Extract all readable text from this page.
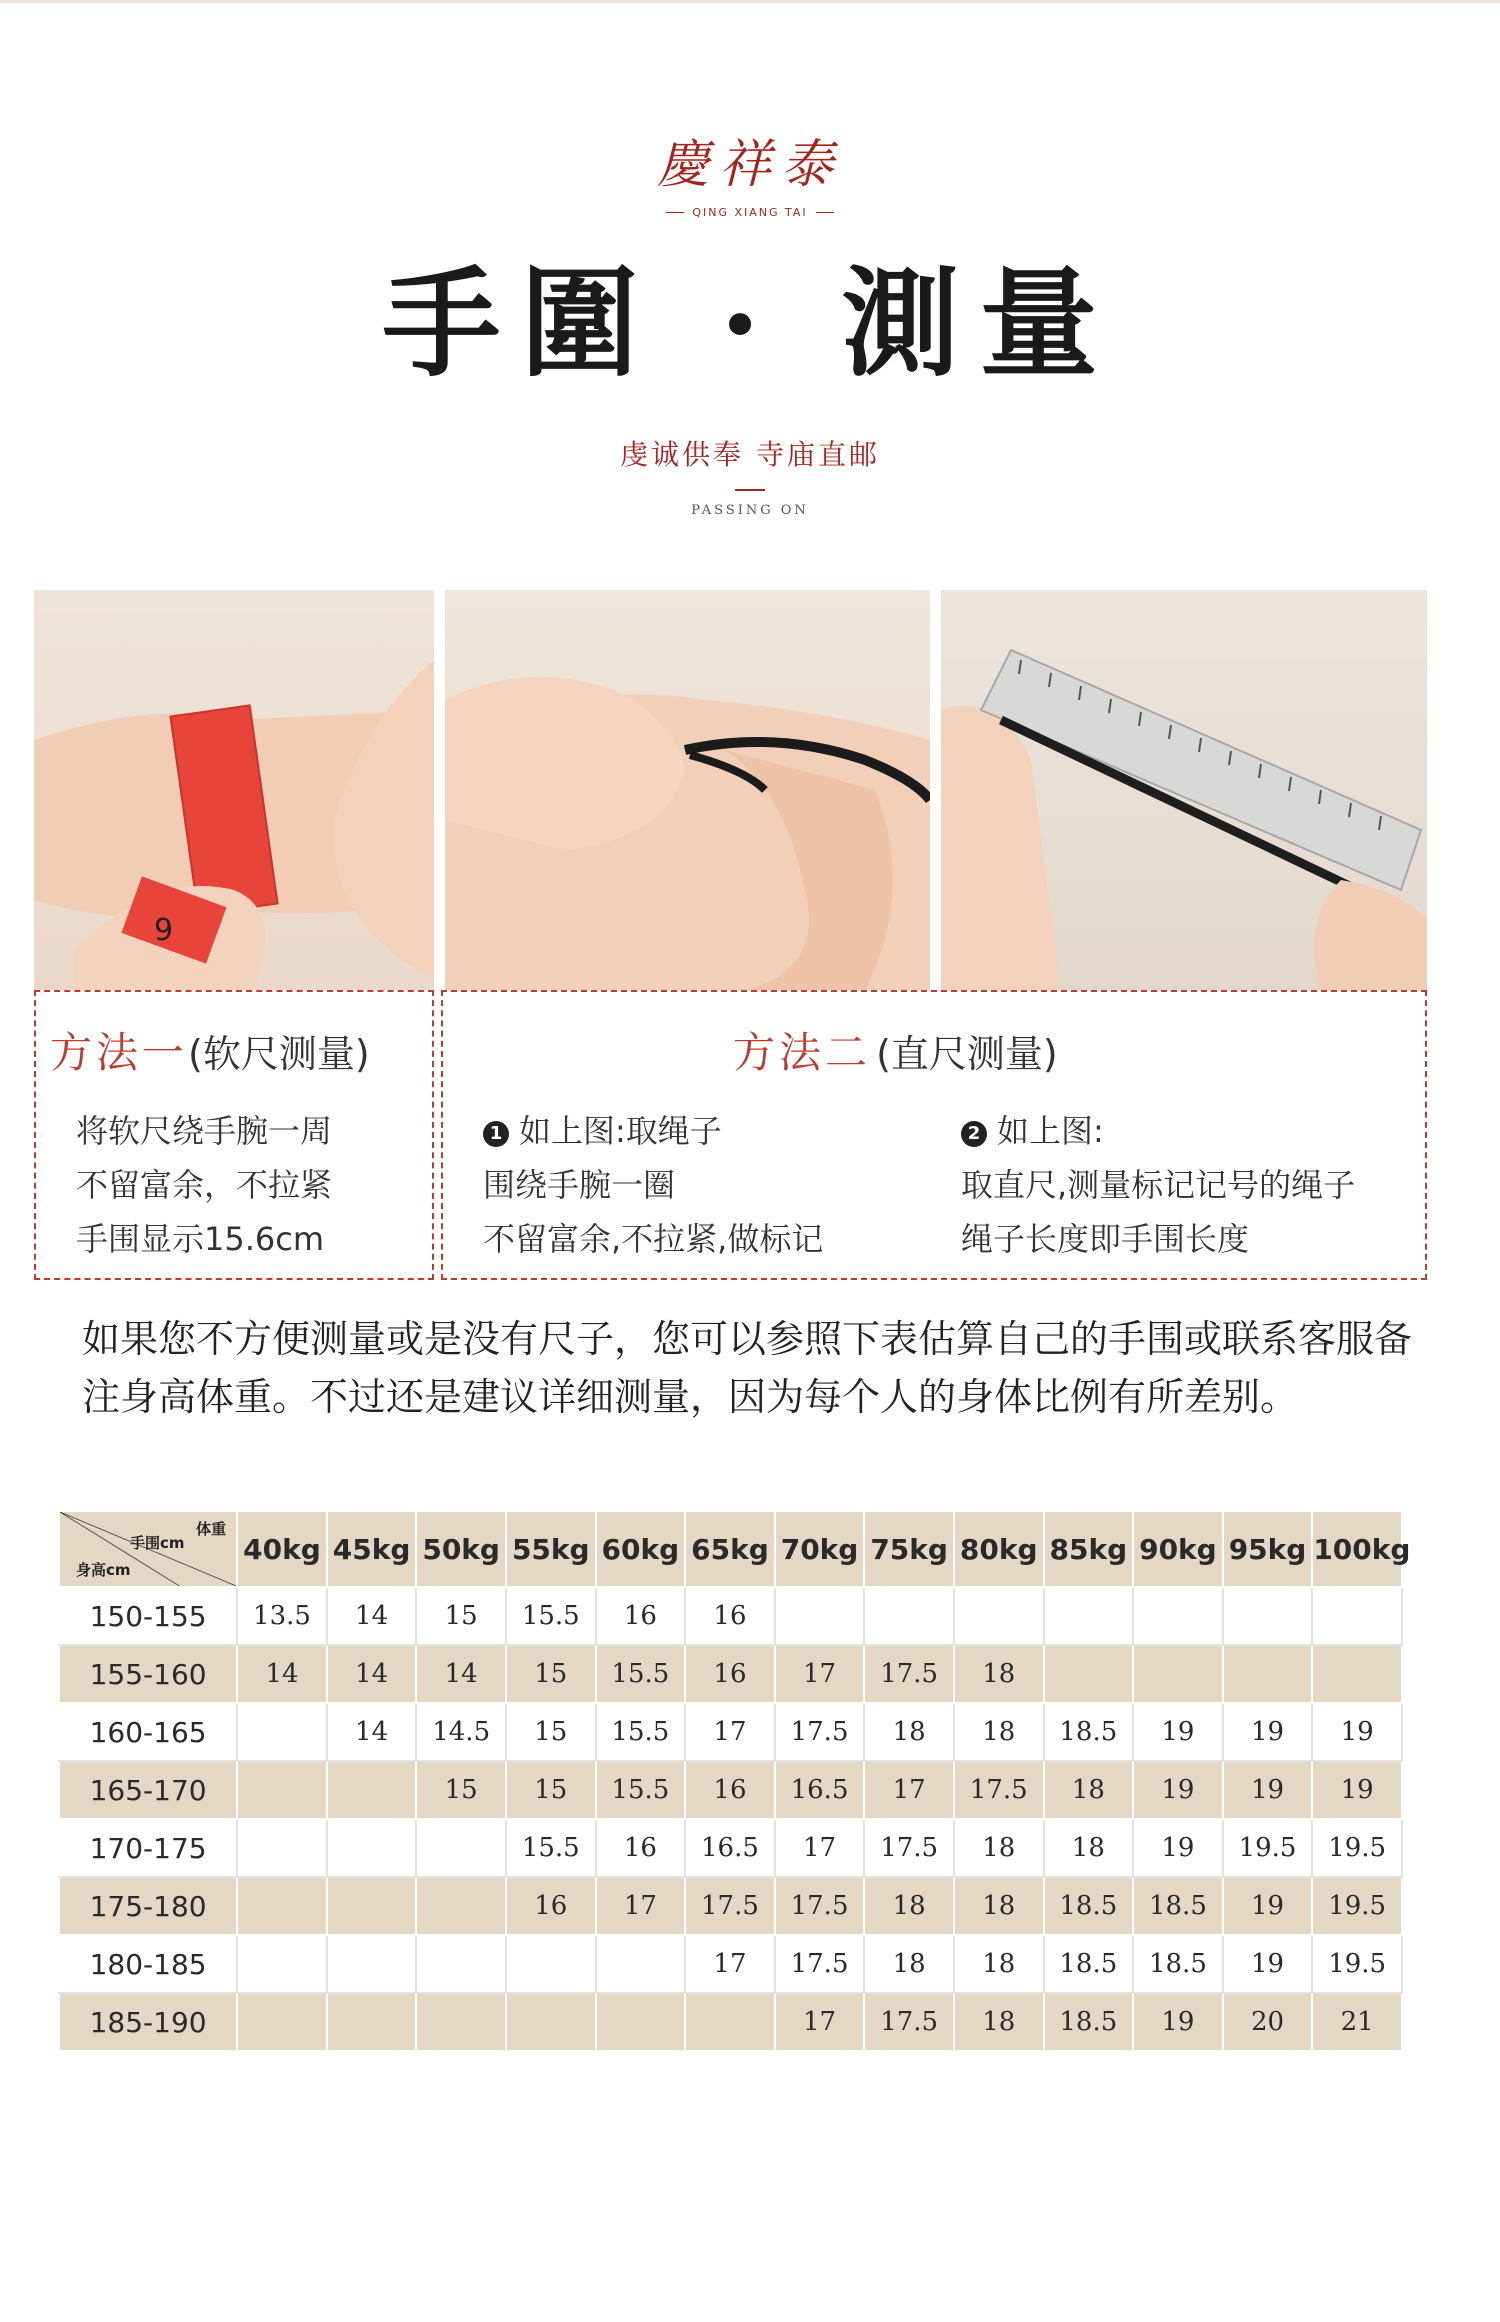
慶祥泰
QING XIANG TAI
手圍 · 測量
虔诚供奉 寺庙直邮
PASSING ON
9
方法一(软尺测量)
将软尺绕手腕一周
不留富余，不拉紧
手围显示15.6cm
方法二 (直尺测量)
1 如上图:取绳子
围绕手腕一圈
不留富余,不拉紧,做标记
2 如上图:
取直尺,测量标记记号的绳子
绳子长度即手围长度
如果您不方便测量或是没有尺子，您可以参照下表估算自己的手围或联系客服备注身高体重。不过还是建议详细测量，因为每个人的身体比例有所差别。
体重
手围cm
身高cm	40kg	45kg	50kg	55kg	60kg	65kg	70kg	75kg	80kg	85kg	90kg	95kg	100kg
150-155	13.5	14	15	15.5	16	16							
155-160	14	14	14	15	15.5	16	17	17.5	18				
160-165		14	14.5	15	15.5	17	17.5	18	18	18.5	19	19	19
165-170			15	15	15.5	16	16.5	17	17.5	18	19	19	19
170-175				15.5	16	16.5	17	17.5	18	18	19	19.5	19.5
175-180				16	17	17.5	17.5	18	18	18.5	18.5	19	19.5
180-185						17	17.5	18	18	18.5	18.5	19	19.5
185-190							17	17.5	18	18.5	19	20	21
